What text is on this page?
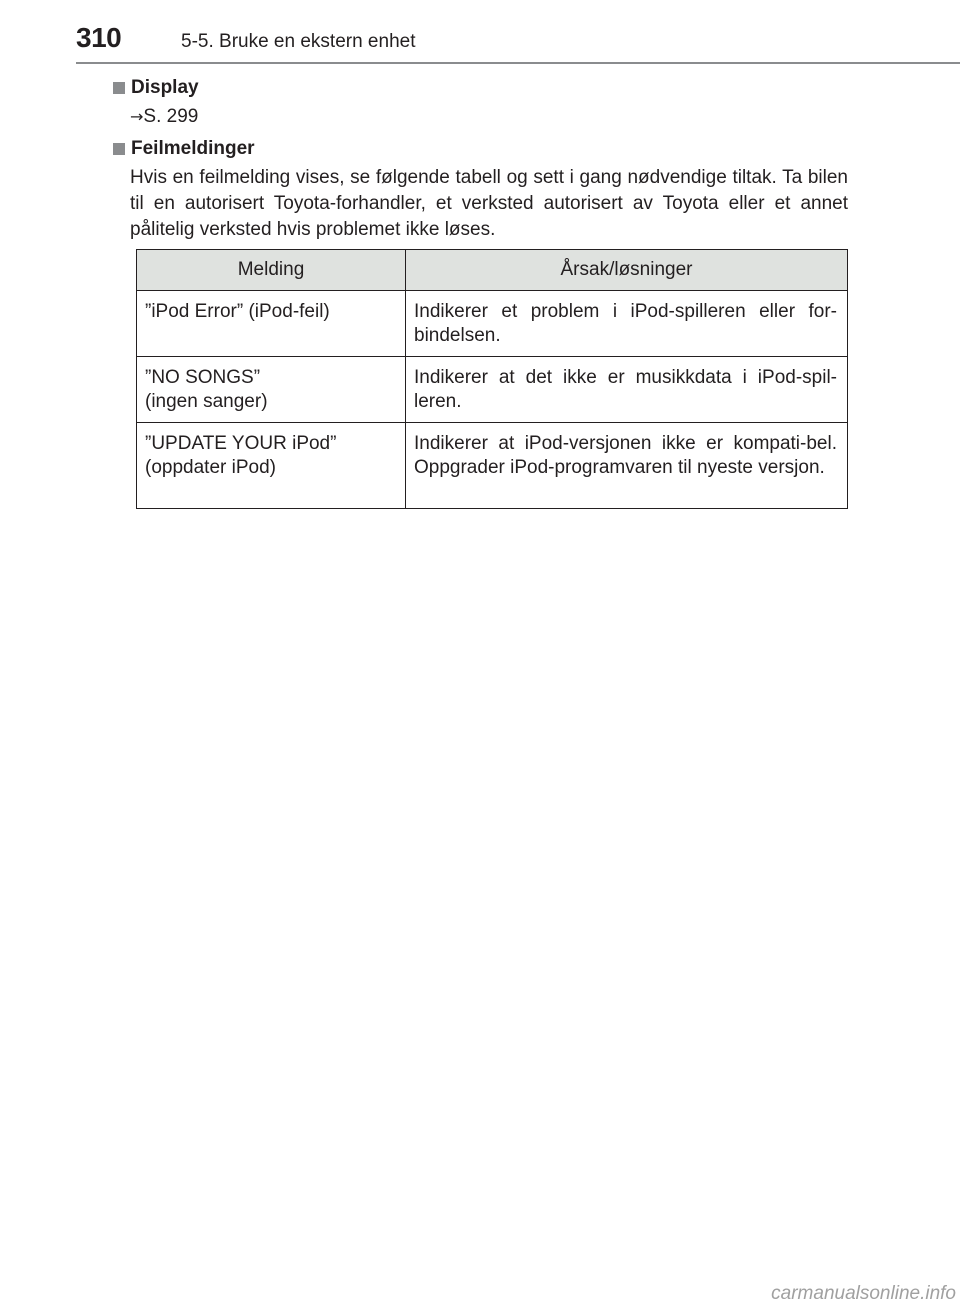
310	5-5. Bruke en ekstern enhet
Display
→S. 299
Feilmeldinger
Hvis en feilmelding vises, se følgende tabell og sett i gang nødvendige tiltak. Ta bilen til en autorisert Toyota-forhandler, et verksted autorisert av Toyota eller et annet pålitelig verksted hvis problemet ikke løses.
Melding	Årsak/løsninger
”iPod Error” (iPod-feil)	Indikerer et problem i iPod-spilleren eller for-bindelsen.
”NO SONGS”
(ingen sanger)	Indikerer at det ikke er musikkdata i iPod-spil-leren.
”UPDATE YOUR iPod”
(oppdater iPod)	Indikerer at iPod-versjonen ikke er kompati-bel. Oppgrader iPod-programvaren til nyeste versjon.
carmanualsonline.info
